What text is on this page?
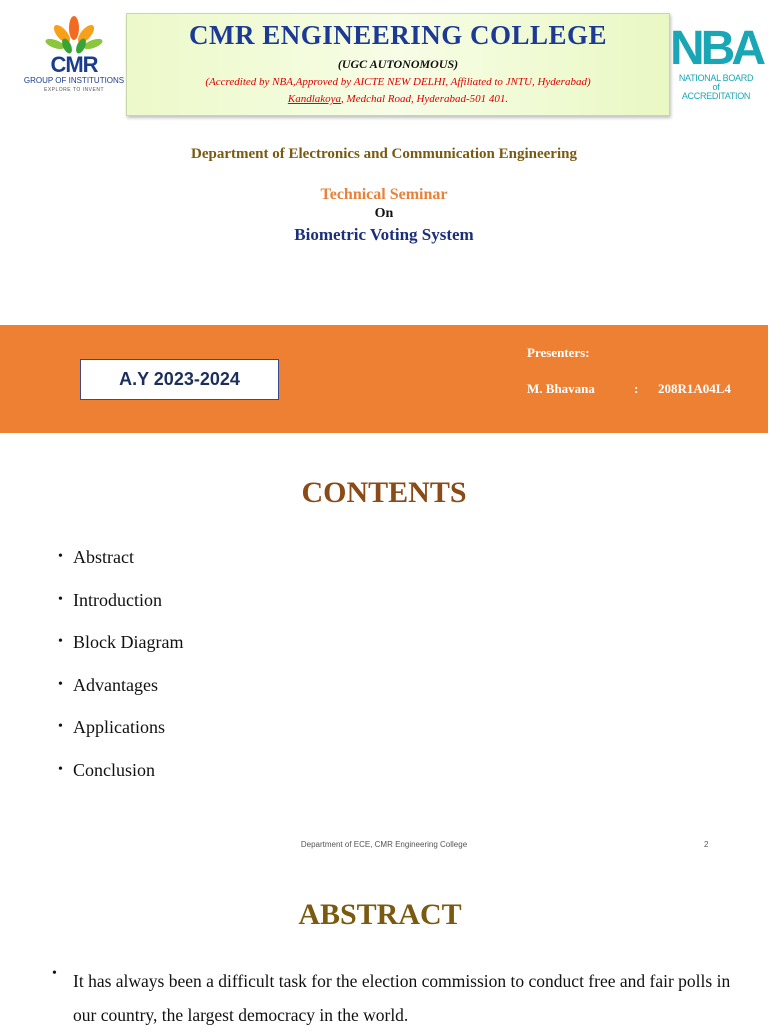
CMR
GROUP OF INSTITUTIONS
EXPLORE TO INVENT
CMR ENGINEERING COLLEGE
(UGC AUTONOMOUS)
(Accredited by NBA,Approved by AICTE NEW DELHI, Affiliated to JNTU, Hyderabad)
Kandlakoya, Medchal Road, Hyderabad-501 401.
NBA
NATIONAL BOARD
of ACCREDITATION
Department of Electronics and Communication Engineering
Technical Seminar
On
Biometric Voting System
A.Y 2023-2024
Presenters:
M. Bhavana	: 208R1A04L4
CONTENTS
• Abstract
• Introduction
• Block Diagram
• Advantages
• Applications
• Conclusion
Department of ECE, CMR Engineering College	2
ABSTRACT
• It has always been a difficult task for the election commission to conduct free and fair polls in our country, the largest democracy in the world.
